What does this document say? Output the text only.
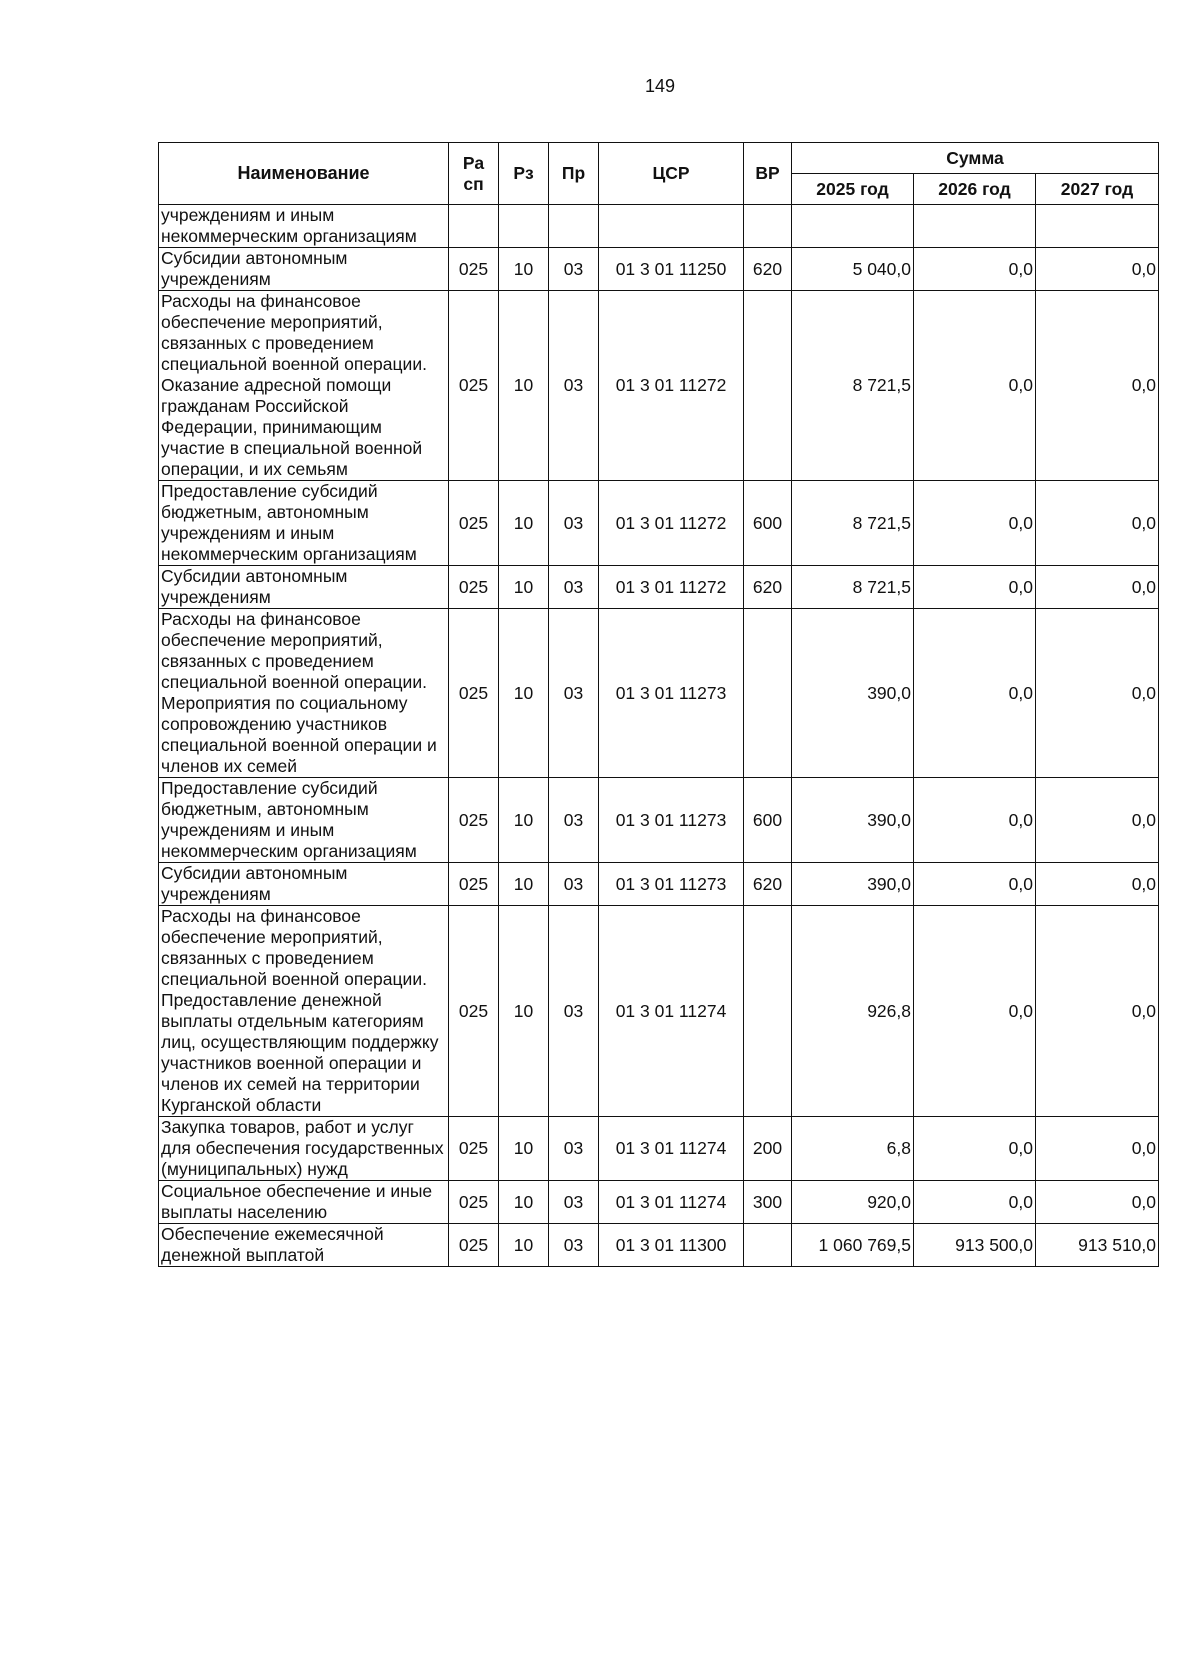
149
Наименование	Ра сп	Рз	Пр	ЦСР	ВР	Сумма		
						2025 год	2026 год	2027 год
учреждениям и иным некоммерческим организациям								
Субсидии автономным учреждениям	025	10	03	01 3 01 11250	620	5 040,0	0,0	0,0
Расходы на финансовое обеспечение мероприятий, связанных с проведением специальной военной операции. Оказание адресной помощи гражданам Российской Федерации, принимающим участие в специальной военной операции, и их семьям	025	10	03	01 3 01 11272		8 721,5	0,0	0,0
Предоставление субсидий бюджетным, автономным учреждениям и иным некоммерческим организациям	025	10	03	01 3 01 11272	600	8 721,5	0,0	0,0
Субсидии автономным учреждениям	025	10	03	01 3 01 11272	620	8 721,5	0,0	0,0
Расходы на финансовое обеспечение мероприятий, связанных с проведением специальной военной операции. Мероприятия по социальному сопровождению участников специальной военной операции и членов их семей	025	10	03	01 3 01 11273		390,0	0,0	0,0
Предоставление субсидий бюджетным, автономным учреждениям и иным некоммерческим организациям	025	10	03	01 3 01 11273	600	390,0	0,0	0,0
Субсидии автономным учреждениям	025	10	03	01 3 01 11273	620	390,0	0,0	0,0
Расходы на финансовое обеспечение мероприятий, связанных с проведением специальной военной операции. Предоставление денежной выплаты отдельным категориям лиц, осуществляющим поддержку участников военной операции и членов их семей на территории Курганской области	025	10	03	01 3 01 11274		926,8	0,0	0,0
Закупка товаров, работ и услуг для обеспечения государственных (муниципальных) нужд	025	10	03	01 3 01 11274	200	6,8	0,0	0,0
Социальное обеспечение и иные выплаты населению	025	10	03	01 3 01 11274	300	920,0	0,0	0,0
Обеспечение ежемесячной денежной выплатой	025	10	03	01 3 01 11300		1 060 769,5	913 500,0	913 510,0
